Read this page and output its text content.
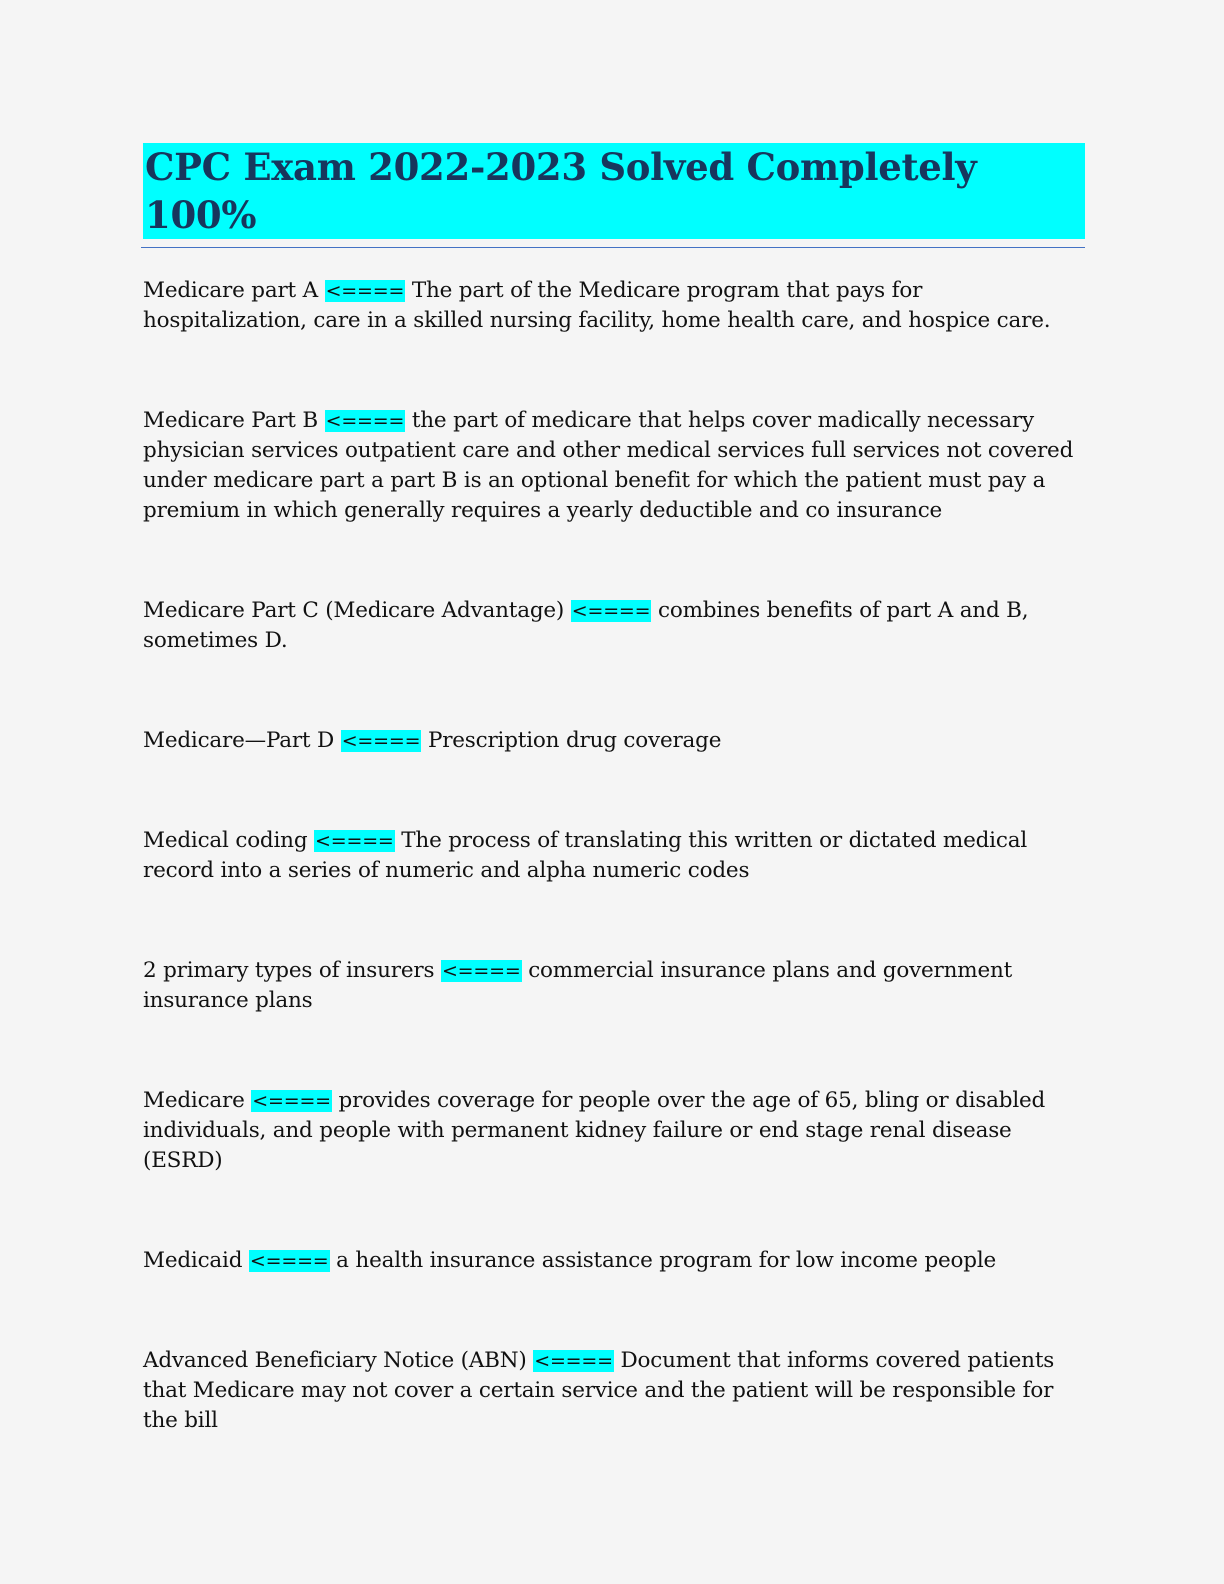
CPC Exam 2022-2023 Solved Completely 100%

Medicare part A <==== The part of the Medicare program that pays for hospitalization, care in a skilled nursing facility, home health care, and hospice care.

Medicare Part B <==== the part of medicare that helps cover madically necessary physician services outpatient care and other medical services full services not covered under medicare part a part B is an optional benefit for which the patient must pay a premium in which generally requires a yearly deductible and co insurance

Medicare Part C (Medicare Advantage) <==== combines benefits of part A and B, sometimes D.

Medicare—Part D <==== Prescription drug coverage

Medical coding <==== The process of translating this written or dictated medical record into a series of numeric and alpha numeric codes

2 primary types of insurers <==== commercial insurance plans and government insurance plans

Medicare <==== provides coverage for people over the age of 65, bling or disabled individuals, and people with permanent kidney failure or end stage renal disease (ESRD)

Medicaid <==== a health insurance assistance program for low income people

Advanced Beneficiary Notice (ABN) <==== Document that informs covered patients that Medicare may not cover a certain service and the patient will be responsible for the bill
